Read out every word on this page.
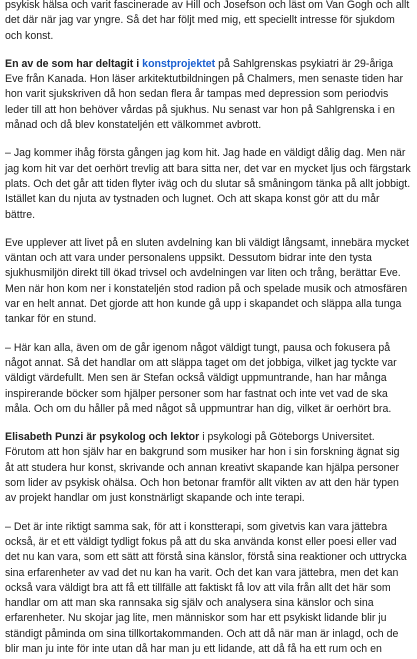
psykisk hälsa och varit fascinerade av Hill och Josefson och läst om Van Gogh och allt det där när jag var yngre. Så det har följt med mig, ett speciellt intresse för sjukdom och konst.

En av de som har deltagit i konstprojektet på Sahlgrenskas psykiatri är 29-åriga Eve från Kanada. Hon läser arkitektutbildningen på Chalmers, men senaste tiden har hon varit sjukskriven då hon sedan flera år tampas med depression som periodvis leder till att hon behöver vårdas på sjukhus. Nu senast var hon på Sahlgrenska i en månad och då blev konstateljén ett välkommet avbrott.

– Jag kommer ihåg första gången jag kom hit. Jag hade en väldigt dålig dag. Men när jag kom hit var det oerhört trevlig att bara sitta ner, det var en mycket ljus och färgstark plats. Och det går att tiden flyter iväg och du slutar så småningom tänka på allt jobbigt. Istället kan du njuta av tystnaden och lugnet. Och att skapa konst gör att du mår bättre.

Eve upplever att livet på en sluten avdelning kan bli väldigt långsamt, innebära mycket väntan och att vara under personalens uppsikt. Dessutom bidrar inte den tysta sjukhusmiljön direkt till ökad trivsel och avdelningen var liten och trång, berättar Eve. Men när hon kom ner i konstateljén stod radion på och spelade musik och atmosfären var en helt annat. Det gjorde att hon kunde gå upp i skapandet och släppa alla tunga tankar för en stund.

– Här kan alla, även om de går igenom något väldigt tungt, pausa och fokusera på något annat. Så det handlar om att släppa taget om det jobbiga, vilket jag tyckte var väldigt värdefullt. Men sen är Stefan också väldigt uppmuntrande, han har många inspirerande böcker som hjälper personer som har fastnat och inte vet vad de ska måla. Och om du håller på med något så uppmuntrar han dig, vilket är oerhört bra.

Elisabeth Punzi är psykolog och lektor i psykologi på Göteborgs Universitet. Förutom att hon själv har en bakgrund som musiker har hon i sin forskning ägnat sig åt att studera hur konst, skrivande och annan kreativt skapande kan hjälpa personer som lider av psykisk ohälsa. Och hon betonar framför allt vikten av att den här typen av projekt handlar om just konstnärligt skapande och inte terapi.

– Det är inte riktigt samma sak, för att i konstterapi, som givetvis kan vara jättebra också, är et ett väldigt tydligt fokus på att du ska använda konst eller poesi eller vad det nu kan vara, som ett sätt att förstå sina känslor, förstå sina reaktioner och uttrycka sina erfarenheter av vad det nu kan ha varit. Och det kan vara jättebra, men det kan också vara väldigt bra att få ett tillfälle att faktiskt få lov att vila från allt det här som handlar om att man ska rannsaka sig själv och analysera sina känslor och sina erfarenheter. Nu skojar jag lite, men människor som har ett psykiskt lidande blir ju ständigt påminda om sina tillkortakommanden. Och att då när man är inlagd, och de blir man ju inte för inte utan då har man ju ett lidande, att då få ha ett rum och en
